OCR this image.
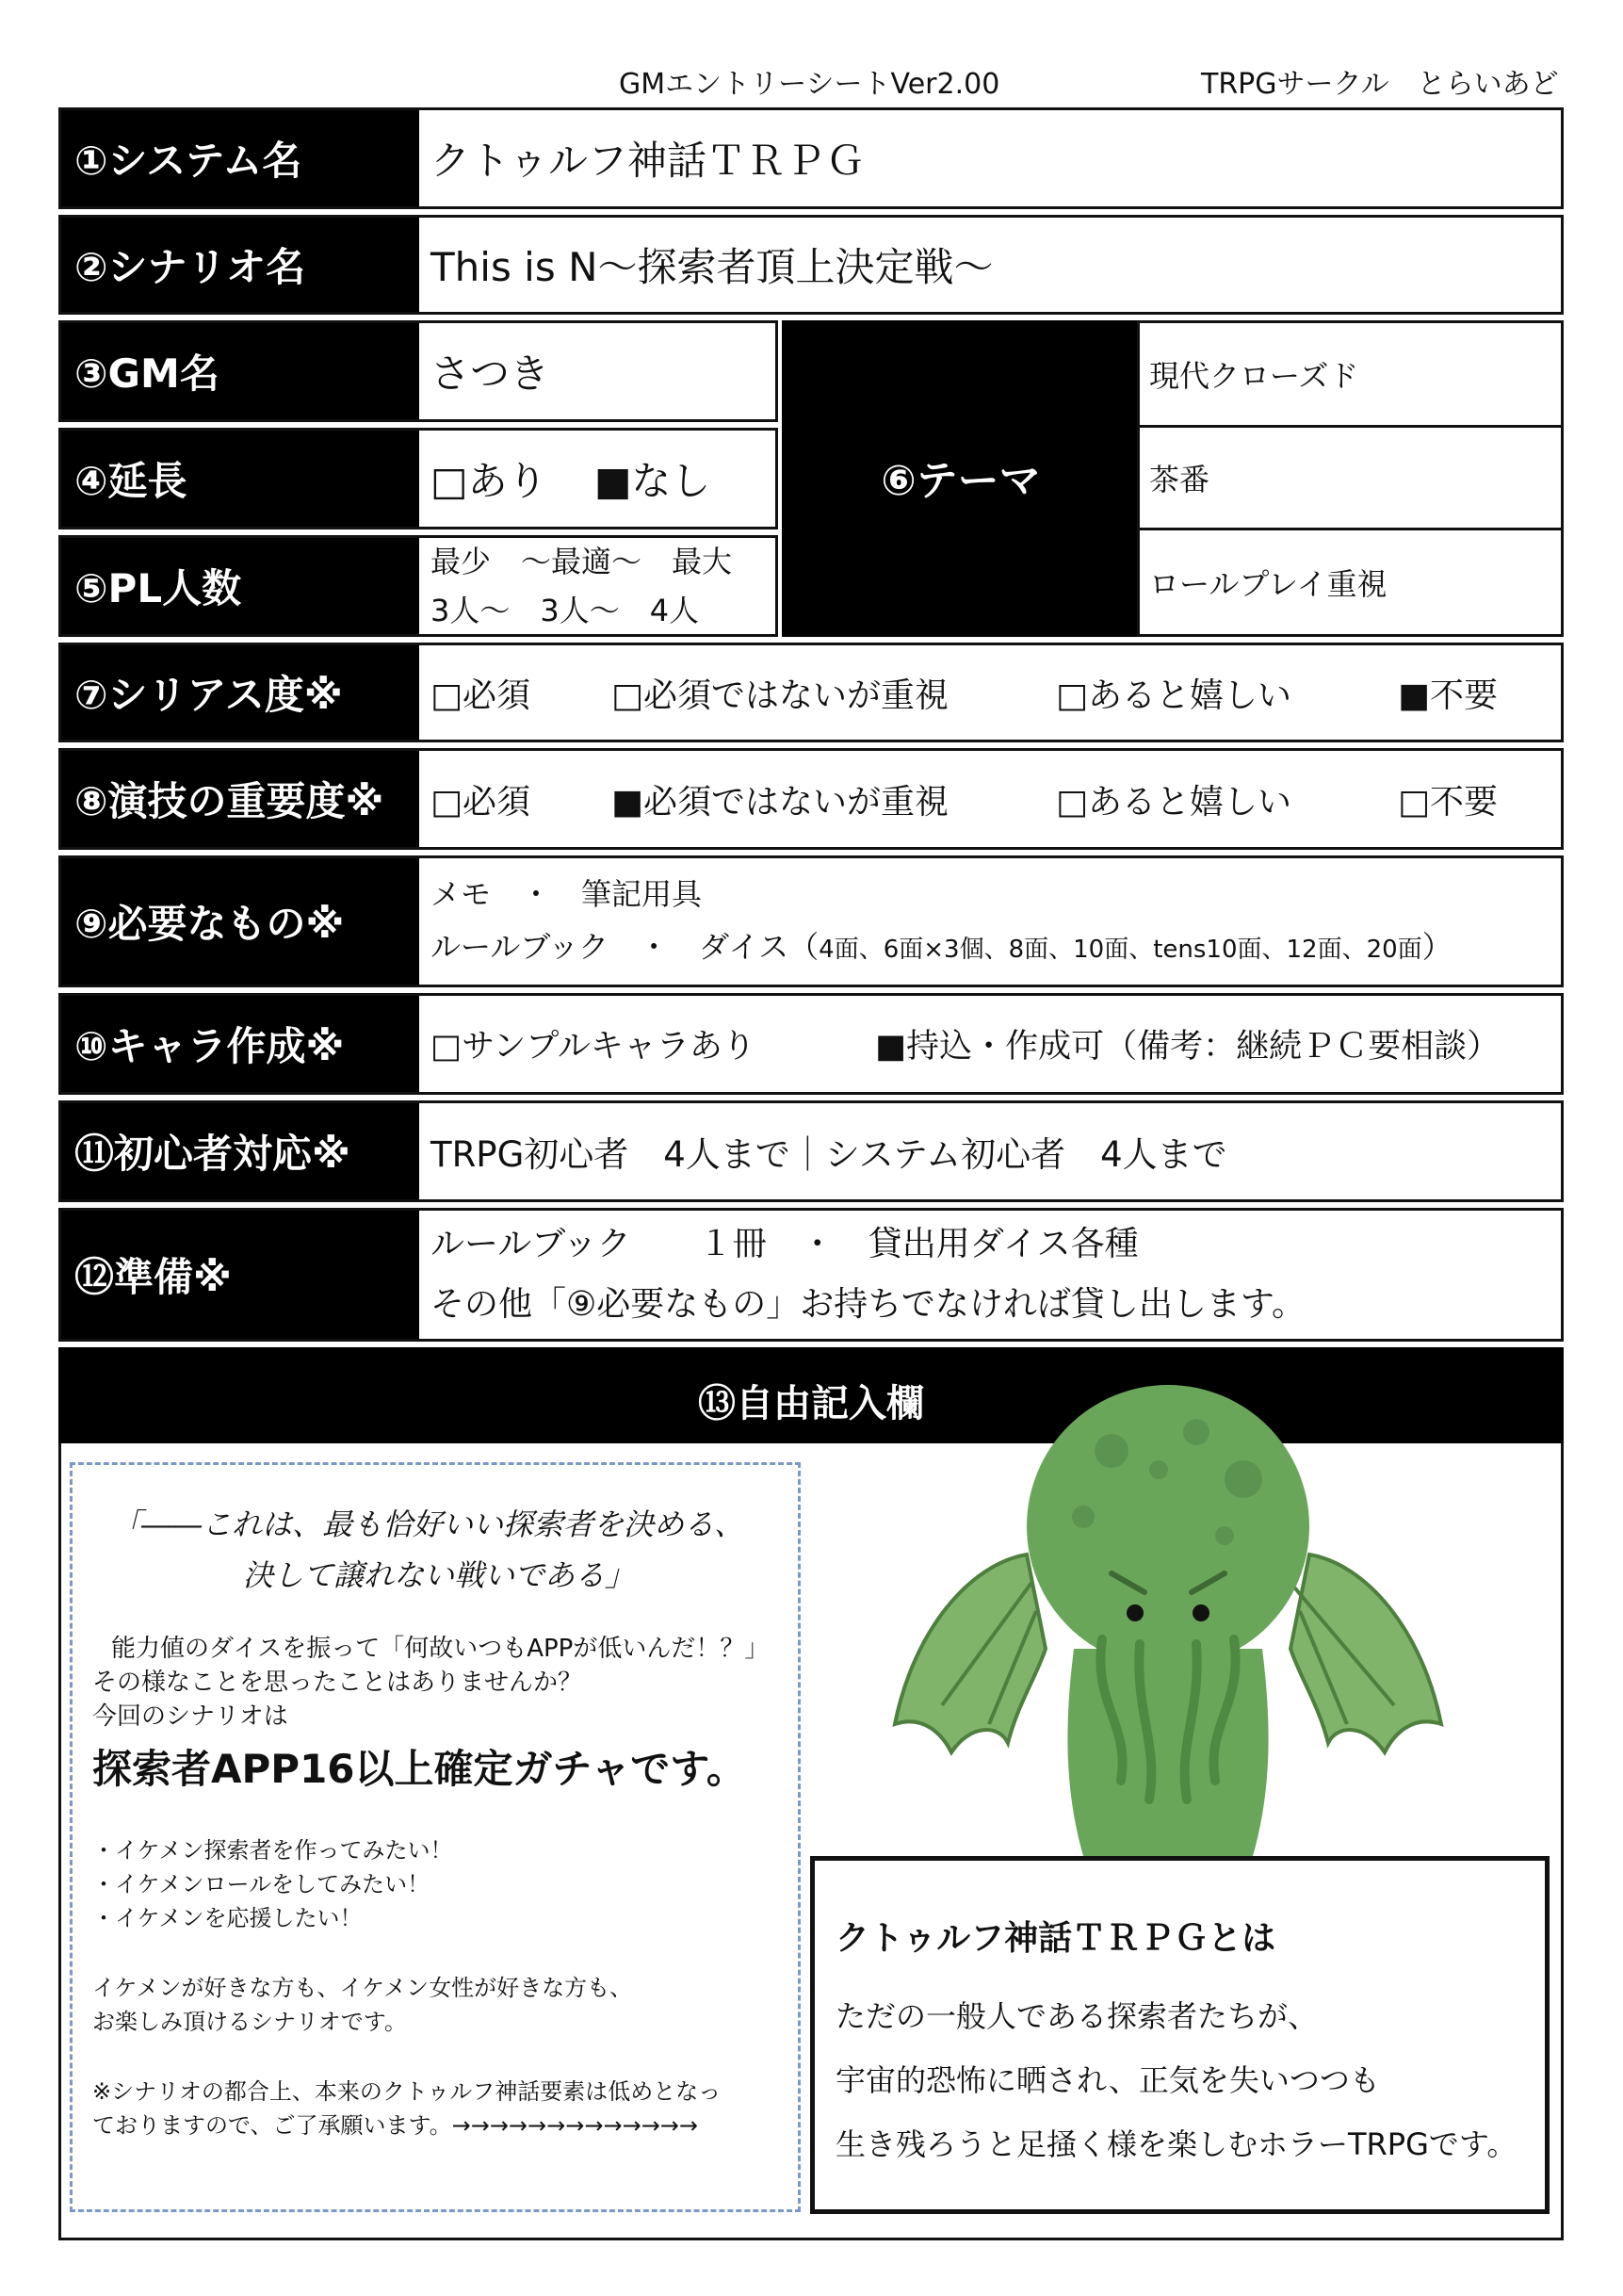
GMエントリーシートVer2.00	TRPGサークル　とらいあど
①システム名	クトゥルフ神話ＴＲＰＧ
②シナリオ名	This is N～探索者頂上決定戦～
③GM名	さつき
④延長	□あり ■なし
⑤PL人数
最少　～最適～　最大
3人～　3人～　4人
⑥テーマ
現代クローズド
茶番
ロールプレイ重視
⑦シリアス度※	□必須 □必須ではないが重視	□あると嬉しい	■不要
⑧演技の重要度※	□必須 ■必須ではないが重視	□あると嬉しい	□不要
⑨必要なもの※
メモ　・　筆記用具
ルールブック　・　ダイス（4面、6面×3個、8面、10面、tens10面、12面、20面）
⑩キャラ作成※	□サンプルキャラあり	■持込・作成可（備考：継続ＰＣ要相談）
⑪初心者対応※	TRPG初心者　4人まで｜システム初心者　4人まで
⑫準備※
ルールブック　　１冊　・　貸出用ダイス各種
その他「⑨必要なもの」お持ちでなければ貸し出します。
⑬自由記入欄
「――これは、最も恰好いい探索者を決める、
決して譲れない戦いである」
能力値のダイスを振って「何故いつもAPPが低いんだ！？」
その様なことを思ったことはありませんか？
今回のシナリオは
探索者APP16以上確定ガチャです。
・イケメン探索者を作ってみたい！
・イケメンロールをしてみたい！
・イケメンを応援したい！
イケメンが好きな方も、イケメン女性が好きな方も、
お楽しみ頂けるシナリオです。
※シナリオの都合上、本来のクトゥルフ神話要素は低めとなっ
ておりますので、ご了承願います。→→→→→→→→→→→→→
クトゥルフ神話ＴＲＰＧとは
ただの一般人である探索者たちが、
宇宙的恐怖に晒され、正気を失いつつも
生き残ろうと足掻く様を楽しむホラーTRPGです。
